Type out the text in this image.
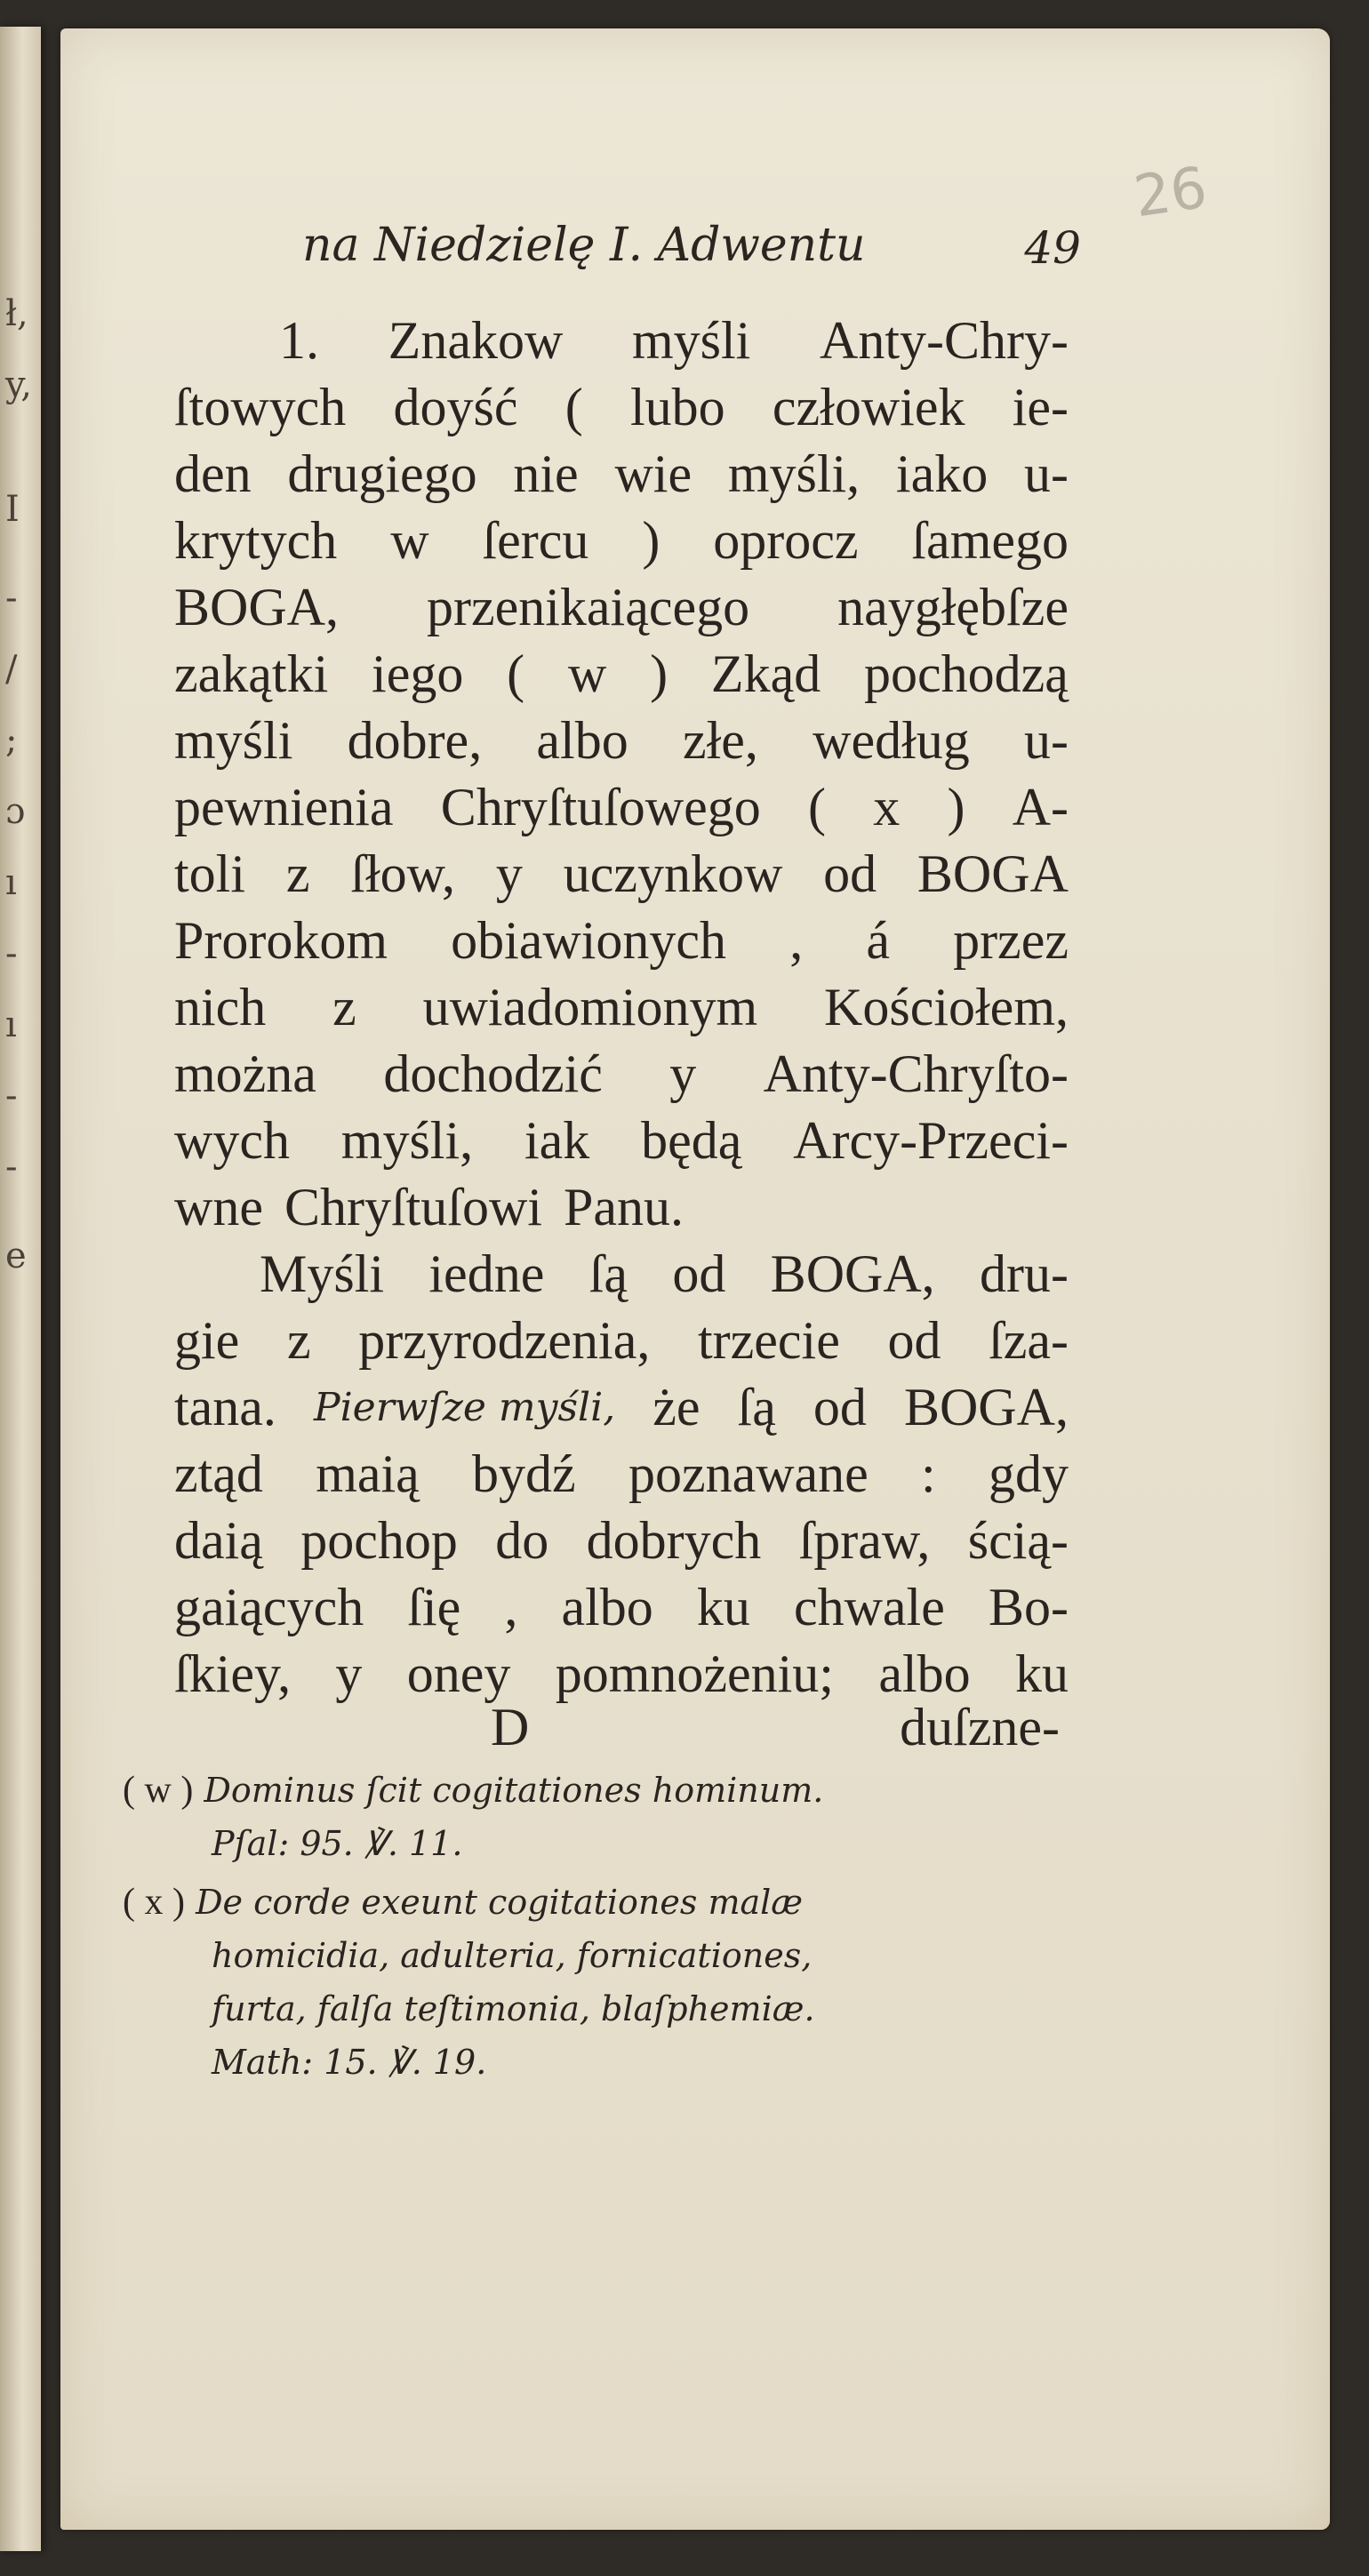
ł,
y,
I
-
/
;
ɔ
ı
-
ı
-
-
e
26
na Niedzielę I. Adwentu	49
1. Znakow myśli Anty-Chry-
ſtowych doyść ( lubo człowiek ie-
den drugiego nie wie myśli, iako u-
krytych w ſercu ) oprocz ſamego
BOGA, przenikaiącego naygłębſze
zakątki iego ( w ) Zkąd pochodzą
myśli dobre, albo złe, według u-
pewnienia Chryſtuſowego ( x ) A-
toli z ſłow, y uczynkow od BOGA
Prorokom obiawionych , á przez
nich z uwiadomionym Kościołem,
można dochodzić y Anty-Chryſto-
wych myśli, iak będą Arcy-Przeci-
wne Chryſtuſowi Panu.
Myśli iedne ſą od BOGA, dru-
gie z przyrodzenia, trzecie od ſza-
tana. Pierwſze myśli, że ſą od BOGA,
ztąd maią bydź poznawane : gdy
daią pochop do dobrych ſpraw, ścią-
gaiących ſię , albo ku chwale Bo-
ſkiey, y oney pomnożeniu; albo ku
D	duſzne-
( w ) Dominus ſcit cogitationes hominum.
Pſal: 95. ℣. 11.
( x ) De corde exeunt cogitationes malæ
homicidia, adulteria, fornicationes,
furta, falſa teſtimonia, blaſphemiæ.
Math: 15. ℣. 19.
